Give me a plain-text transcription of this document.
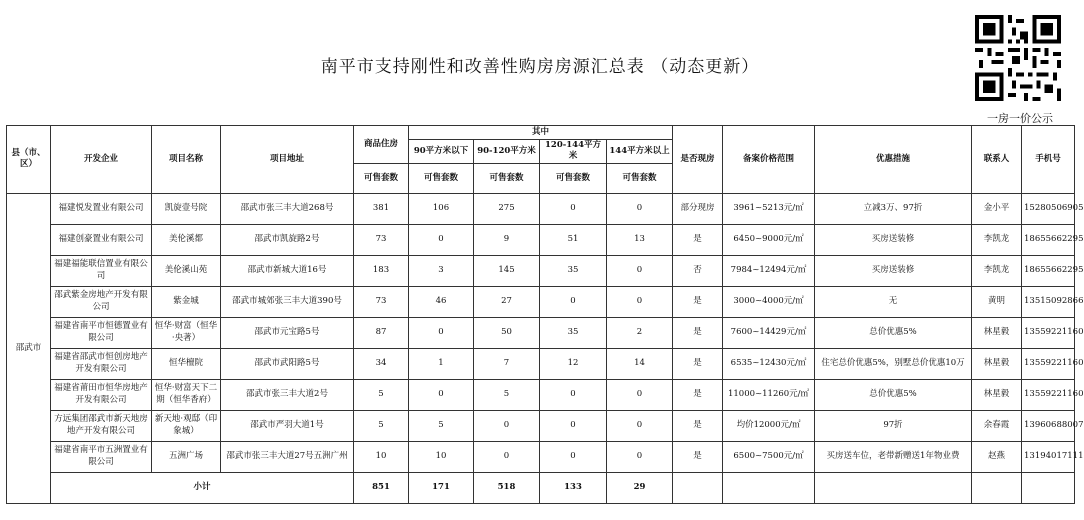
南平市支持刚性和改善性购房房源汇总表 （动态更新）
一房一价公示
县（市、区）	开发企业	项目名称	项目地址	商品住房	其中				是否现房	备案价格范围	优惠措施	联系人	手机号
					90平方米以下	90-120平方米	120-144平方米	144平方米以上					
				可售套数	可售套数	可售套数	可售套数	可售套数					
邵武市	福建悦发置业有限公司	凯旋壹号院	邵武市张三丰大道268号	381	106	275	0	0	部分现房	3961~5213元/㎡	立减3万、97折	金小平	15280506905
	福建创豪置业有限公司	美伦溪都	邵武市凯旋路2号	73	0	9	51	13	是	6450~9000元/㎡	买房送装修	李凯龙	18655662295
	福建福能联信置业有限公司	美伦溪山苑	邵武市新城大道16号	183	3	145	35	0	否	7984~12494元/㎡	买房送装修	李凯龙	18655662295
	邵武紫金房地产开发有限公司	紫金城	邵武市城郊张三丰大道390号	73	46	27	0	0	是	3000~4000元/㎡	无	黄明	13515092866
	福建省南平市恒德置业有限公司	恒华·财富（恒华·央著）	邵武市元宝路5号	87	0	50	35	2	是	7600~14429元/㎡	总价优惠5%	林星毅	13559221160
	福建省邵武市恒创房地产开发有限公司	恒华檀院	邵武市武阳路5号	34	1	7	12	14	是	6535~12430元/㎡	住宅总价优惠5%，别墅总价优惠10万	林星毅	13559221160
	福建省莆田市恒华房地产开发有限公司	恒华·财富天下二期（恒华香府）	邵武市张三丰大道2号	5	0	5	0	0	是	11000~11260元/㎡	总价优惠5%	林星毅	13559221160
	方远集团邵武市新天地房地产开发有限公司	新天地·观邸（印象城）	邵武市严羽大道1号	5	5	0	0	0	是	均价12000元/㎡	97折	余春霞	13960688007
	福建省南平市五洲置业有限公司	五洲广场	邵武市张三丰大道27号五洲广州	10	10	0	0	0	是	6500~7500元/㎡	买房送车位，老带新赠送1年物业费	赵燕	13194017111
	小计			851	171	518	133	29					
